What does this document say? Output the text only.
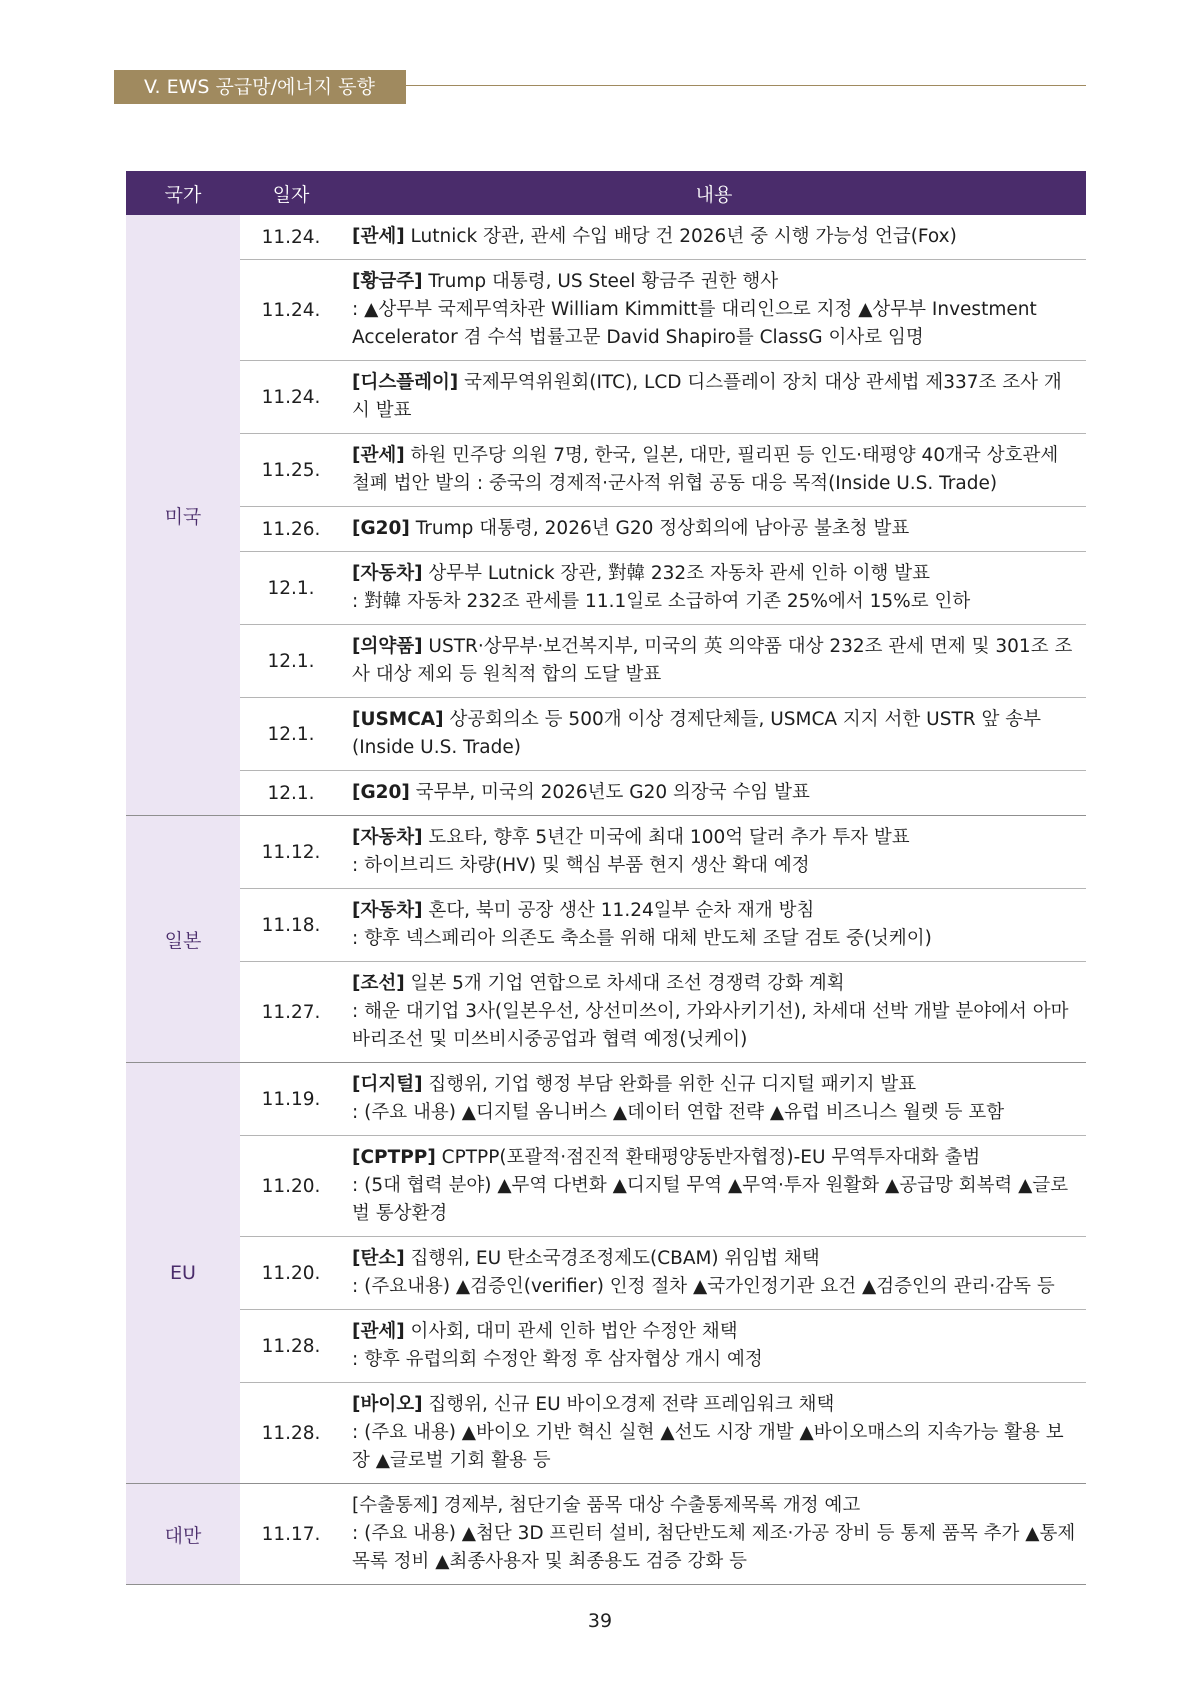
V. EWS 공급망/에너지 동향
국가	일자	내용
미국	11.24.	[관세] Lutnick 장관, 관세 수입 배당 건 2026년 중 시행 가능성 언급(Fox)

	11.24.	[황금주] Trump 대통령, US Steel 황금주 권한 행사
: ▲상무부 국제무역차관 William Kimmitt를 대리인으로 지정 ▲상무부 Investment Accelerator 겸 수석 법률고문 David Shapiro를 ClassG 이사로 임명

	11.24.	[디스플레이] 국제무역위원회(ITC), LCD 디스플레이 장치 대상 관세법 제337조 조사 개시 발표

	11.25.	[관세] 하원 민주당 의원 7명, 한국, 일본, 대만, 필리핀 등 인도·태평양 40개국 상호관세 철폐 법안 발의 : 중국의 경제적·군사적 위협 공동 대응 목적(Inside U.S. Trade)

	11.26.	[G20] Trump 대통령, 2026년 G20 정상회의에 남아공 불초청 발표

	12.1.	[자동차] 상무부 Lutnick 장관, 對韓 232조 자동차 관세 인하 이행 발표
: 對韓 자동차 232조 관세를 11.1일로 소급하여 기존 25%에서 15%로 인하

	12.1.	[의약품] USTR·상무부·보건복지부, 미국의 英 의약품 대상 232조 관세 면제 및 301조 조사 대상 제외 등 원칙적 합의 도달 발표

	12.1.	[USMCA] 상공회의소 등 500개 이상 경제단체들, USMCA 지지 서한 USTR 앞 송부(Inside U.S. Trade)

	12.1.	[G20] 국무부, 미국의 2026년도 G20 의장국 수임 발표

일본	11.12.	[자동차] 도요타, 향후 5년간 미국에 최대 100억 달러 추가 투자 발표
: 하이브리드 차량(HV) 및 핵심 부품 현지 생산 확대 예정

	11.18.	[자동차] 혼다, 북미 공장 생산 11.24일부 순차 재개 방침
: 향후 넥스페리아 의존도 축소를 위해 대체 반도체 조달 검토 중(닛케이)

	11.27.	[조선] 일본 5개 기업 연합으로 차세대 조선 경쟁력 강화 계획
: 해운 대기업 3사(일본우선, 상선미쓰이, 가와사키기선), 차세대 선박 개발 분야에서 아마바리조선 및 미쓰비시중공업과 협력 예정(닛케이)

EU	11.19.	[디지털] 집행위, 기업 행정 부담 완화를 위한 신규 디지털 패키지 발표
: (주요 내용) ▲디지털 옴니버스 ▲데이터 연합 전략 ▲유럽 비즈니스 월렛 등 포함

	11.20.	[CPTPP] CPTPP(포괄적·점진적 환태평양동반자협정)-EU 무역투자대화 출범
: (5대 협력 분야) ▲무역 다변화 ▲디지털 무역 ▲무역·투자 원활화 ▲공급망 회복력 ▲글로벌 통상환경

	11.20.	[탄소] 집행위, EU 탄소국경조정제도(CBAM) 위임법 채택
: (주요내용) ▲검증인(verifier) 인정 절차 ▲국가인정기관 요건 ▲검증인의 관리·감독 등

	11.28.	[관세] 이사회, 대미 관세 인하 법안 수정안 채택
: 향후 유럽의회 수정안 확정 후 삼자협상 개시 예정

	11.28.	[바이오] 집행위, 신규 EU 바이오경제 전략 프레임워크 채택
: (주요 내용) ▲바이오 기반 혁신 실현 ▲선도 시장 개발 ▲바이오매스의 지속가능 활용 보장 ▲글로벌 기회 활용 등

대만	11.17.	[수출통제] 경제부, 첨단기술 품목 대상 수출통제목록 개정 예고
: (주요 내용) ▲첨단 3D 프린터 설비, 첨단반도체 제조·가공 장비 등 통제 품목 추가 ▲통제목록 정비 ▲최종사용자 및 최종용도 검증 강화 등
39
